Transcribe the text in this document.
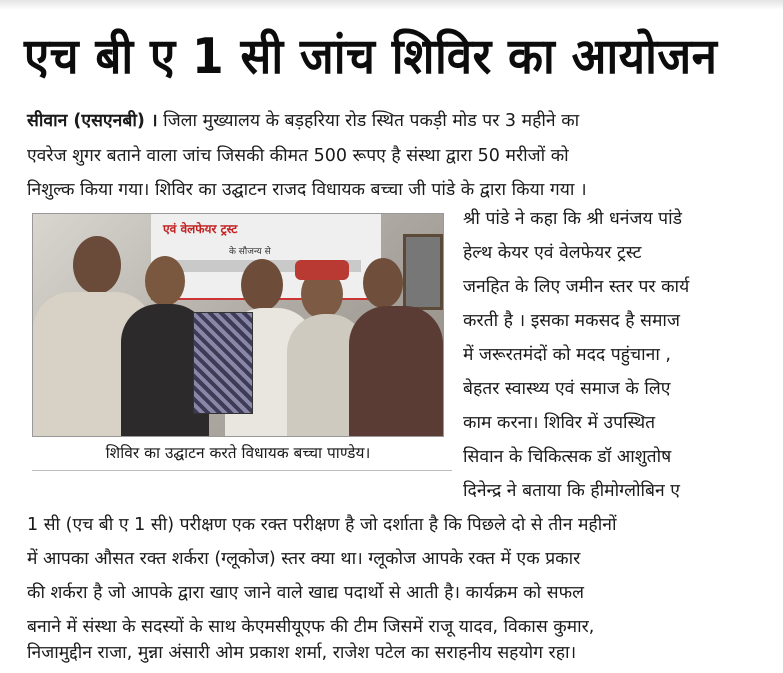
एच बी ए 1 सी जांच शिविर का आयोजन
सीवान (एसएनबी) । जिला मुख्यालय के बड़हरिया रोड स्थित पकड़ी मोड पर 3 महीने का
एवरेज शुगर बताने वाला जांच जिसकी कीमत 500 रूपए है संस्था द्वारा 50 मरीजों को
निशुल्क किया गया। शिविर का उद्घाटन राजद विधायक बच्चा जी पांडे के द्वारा किया गया ।
एवं वेलफेयर ट्रस्ट
के सौजन्य से
शिविर का उद्घाटन करते विधायक बच्चा पाण्डेय।
श्री पांडे ने कहा कि श्री धनंजय पांडे
हेल्थ केयर एवं वेलफेयर ट्रस्ट
जनहित के लिए जमीन स्तर पर कार्य
करती है । इसका मकसद है समाज
में जरूरतमंदों को मदद पहुंचाना ,
बेहतर स्वास्थ्य एवं समाज के लिए
काम करना। शिविर में उपस्थित
सिवान के चिकित्सक डॉ आशुतोष
दिनेन्द्र ने बताया कि हीमोग्लोबिन ए
1 सी (एच बी ए 1 सी) परीक्षण एक रक्त परीक्षण है जो दर्शाता है कि पिछले दो से तीन महीनों
में आपका औसत रक्त शर्करा (ग्लूकोज) स्तर क्या था। ग्लूकोज आपके रक्त में एक प्रकार
की शर्करा है जो आपके द्वारा खाए जाने वाले खाद्य पदार्थो से आती है। कार्यक्रम को सफल
बनाने में संस्था के सदस्यों के साथ केएमसीयूएफ की टीम जिसमें राजू यादव, विकास कुमार,
निजामुद्दीन राजा, मुन्ना अंसारी ओम प्रकाश शर्मा, राजेश पटेल का सराहनीय सहयोग रहा।
